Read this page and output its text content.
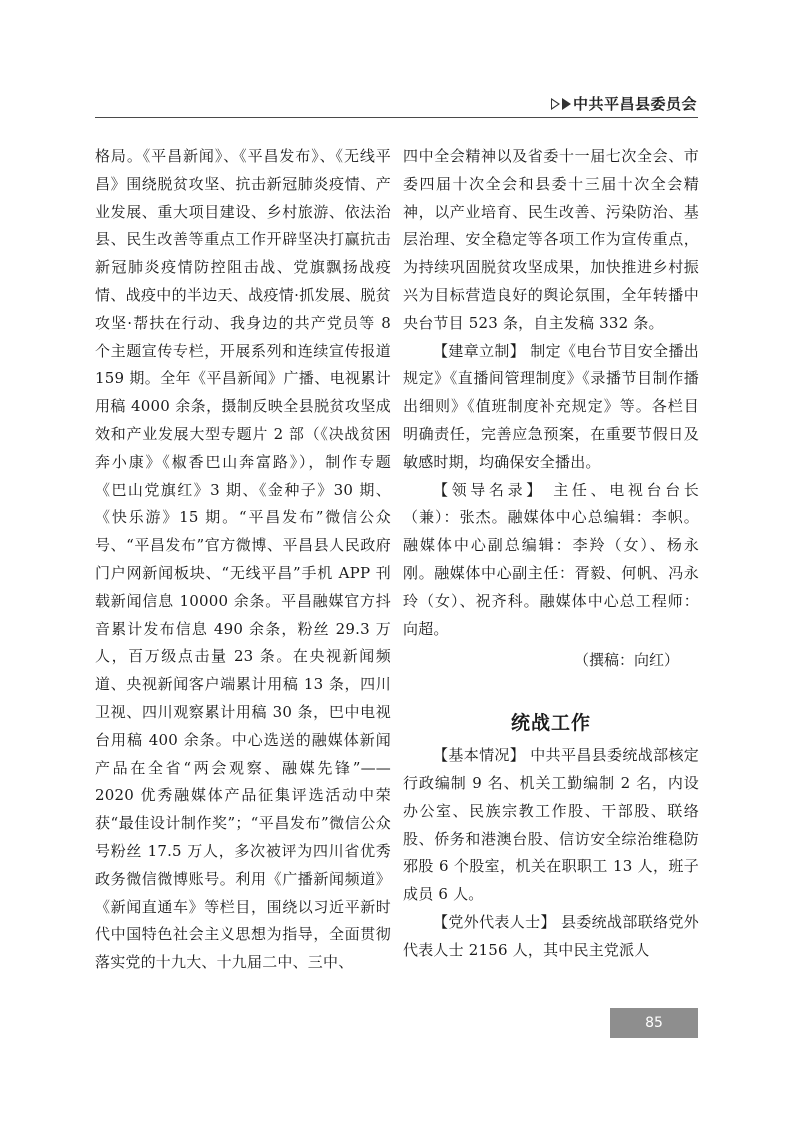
中共平昌县委员会

格局。《平昌新闻》、《平昌发布》、《无线平昌》围绕脱贫攻坚、抗击新冠肺炎疫情、产业发展、重大项目建设、乡村旅游、依法治县、民生改善等重点工作开辟坚决打赢抗击新冠肺炎疫情防控阻击战、党旗飘扬战疫情、战疫中的半边天、战疫情·抓发展、脱贫攻坚·帮扶在行动、我身边的共产党员等 8 个主题宣传专栏，开展系列和连续宣传报道 159 期。全年《平昌新闻》广播、电视累计用稿 4000 余条，摄制反映全县脱贫攻坚成效和产业发展大型专题片 2 部（《决战贫困奔小康》《椒香巴山奔富路》），制作专题《巴山党旗红》3 期、《金种子》30 期、《快乐游》15 期。“平昌发布”微信公众号、“平昌发布”官方微博、平昌县人民政府门户网新闻板块、“无线平昌”手机 APP 刊载新闻信息 10000 余条。平昌融媒官方抖音累计发布信息 490 余条，粉丝 29.3 万人，百万级点击量 23 条。在央视新闻频道、央视新闻客户端累计用稿 13 条，四川卫视、四川观察累计用稿 30 条，巴中电视台用稿 400 余条。中心选送的融媒体新闻产品在全省“两会观察、融媒先锋”——2020 优秀融媒体产品征集评选活动中荣获“最佳设计制作奖”；“平昌发布”微信公众号粉丝 17.5 万人，多次被评为四川省优秀政务微信微博账号。利用《广播新闻频道》《新闻直通车》等栏目，围绕以习近平新时代中国特色社会主义思想为指导，全面贯彻落实党的十九大、十九届二中、三中、

四中全会精神以及省委十一届七次全会、市委四届十次全会和县委十三届十次全会精神，以产业培育、民生改善、污染防治、基层治理、安全稳定等各项工作为宣传重点，为持续巩固脱贫攻坚成果，加快推进乡村振兴为目标营造良好的舆论氛围，全年转播中央台节目 523 条，自主发稿 332 条。

【建章立制】 制定《电台节目安全播出规定》《直播间管理制度》《录播节目制作播出细则》《值班制度补充规定》等。各栏目明确责任，完善应急预案，在重要节假日及敏感时期，均确保安全播出。

【领导名录】 主任、电视台台长（兼）：张杰。融媒体中心总编辑：李帜。融媒体中心副总编辑：李羚（女）、杨永刚。融媒体中心副主任：胥毅、何帆、冯永玲（女）、祝齐科。融媒体中心总工程师：向超。

（撰稿：向红）

统战工作

【基本情况】 中共平昌县委统战部核定行政编制 9 名、机关工勤编制 2 名，内设办公室、民族宗教工作股、干部股、联络股、侨务和港澳台股、信访安全综治维稳防邪股 6 个股室，机关在职职工 13 人，班子成员 6 人。

【党外代表人士】 县委统战部联络党外代表人士 2156 人，其中民主党派人

85
